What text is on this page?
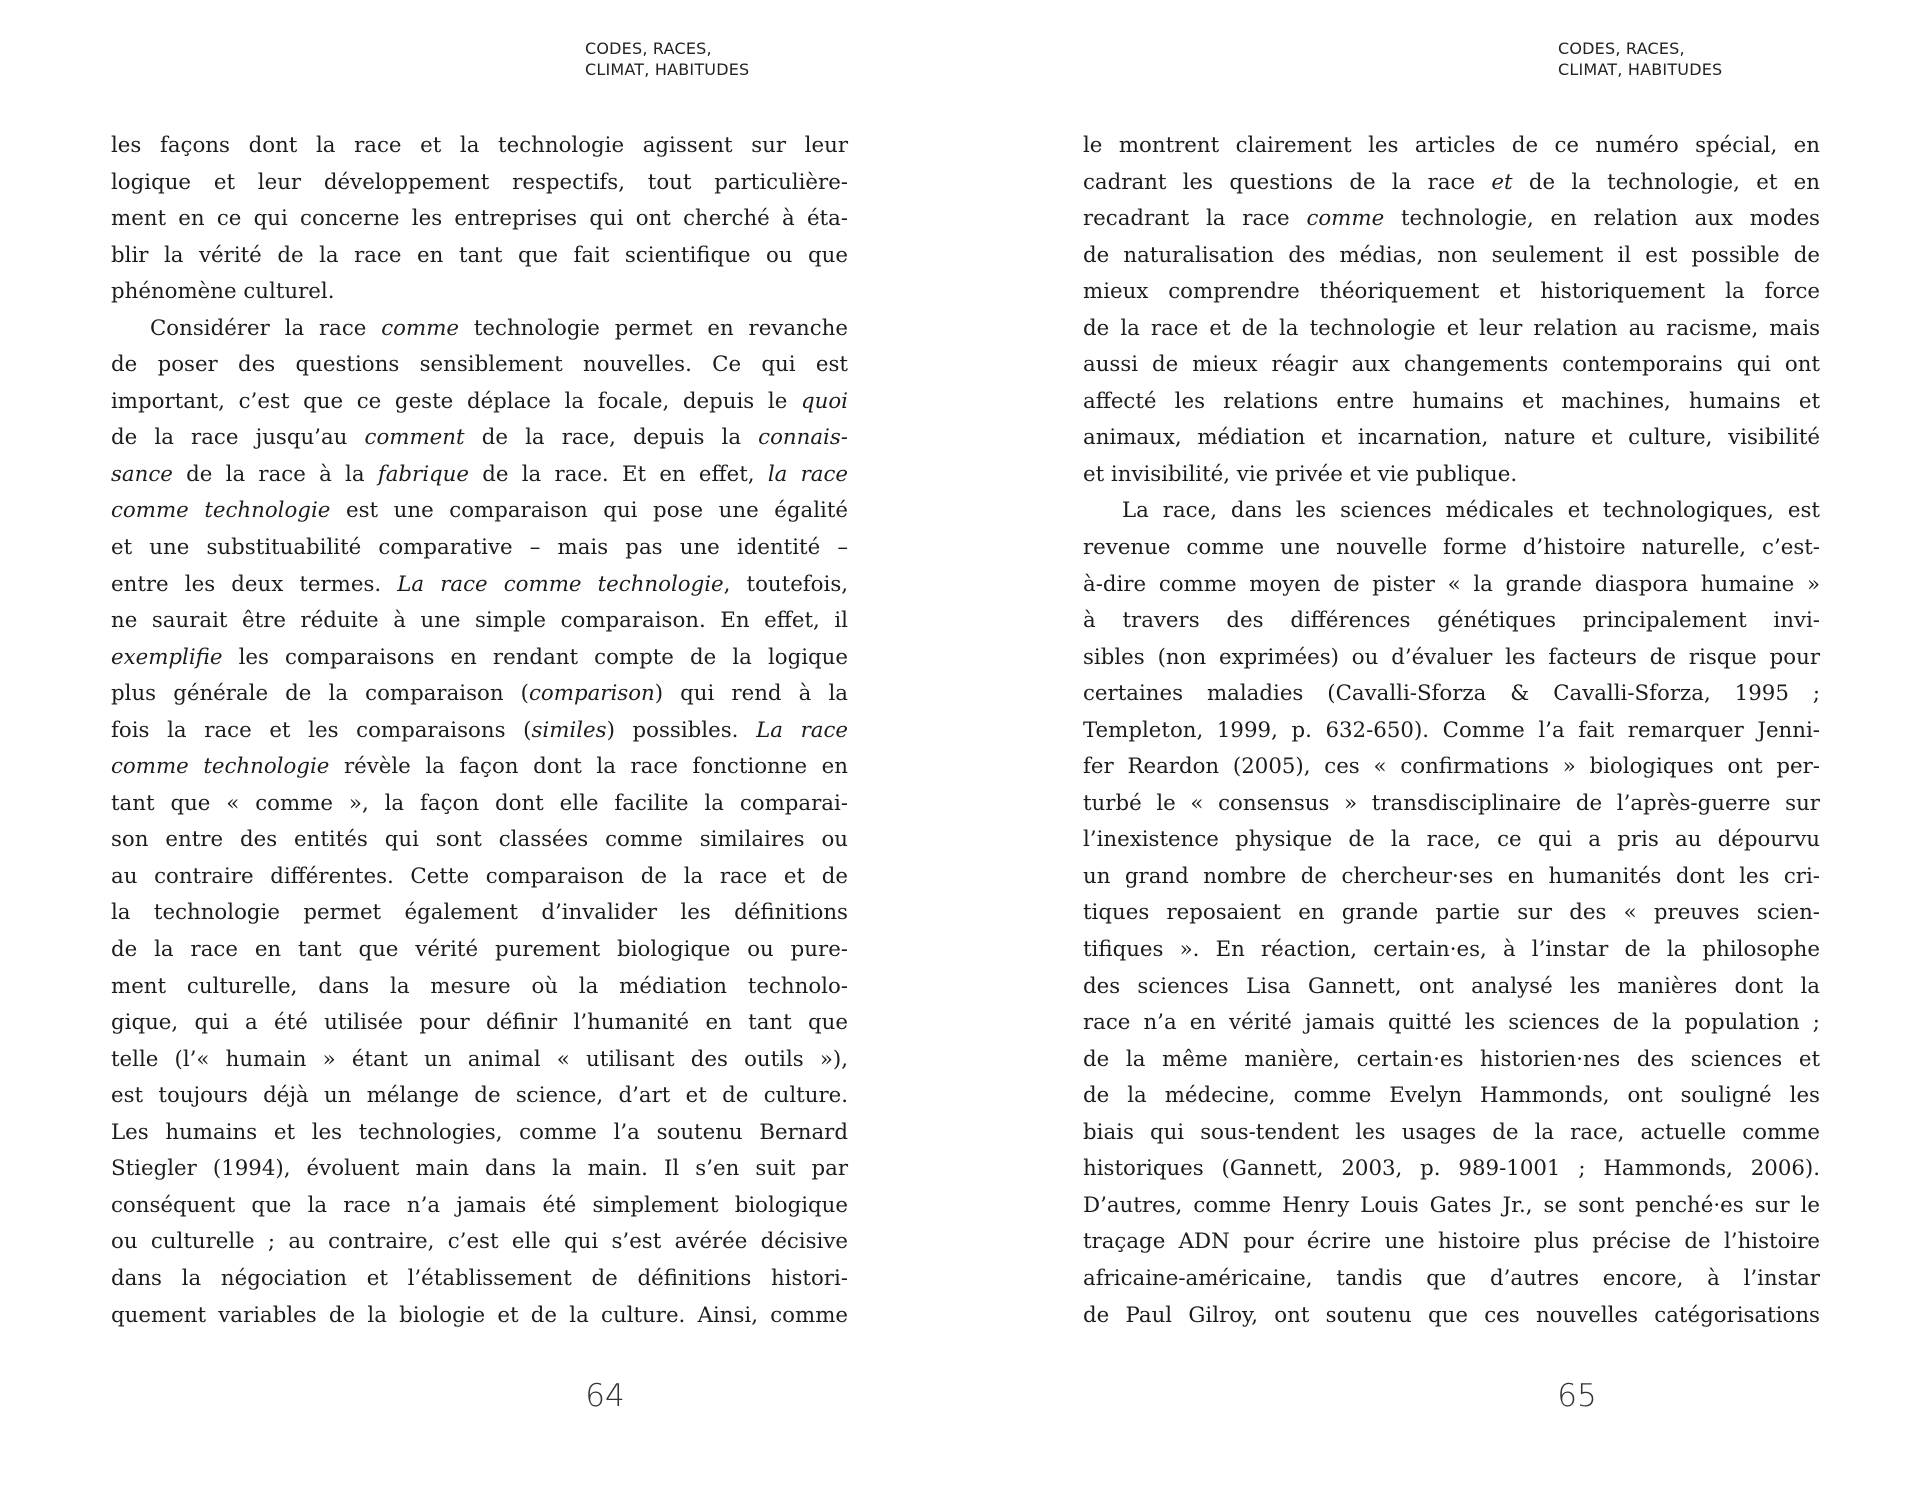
CODES, RACES,
CLIMAT, HABITUDES
les façons dont la race et la technologie agissent sur leur
logique et leur développement respectifs, tout particulière-
ment en ce qui concerne les entreprises qui ont cherché à éta-
blir la vérité de la race en tant que fait scientifique ou que
phénomène culturel.
Considérer la race comme technologie permet en revanche
de poser des questions sensiblement nouvelles. Ce qui est
important, c’est que ce geste déplace la focale, depuis le quoi
de la race jusqu’au comment de la race, depuis la connais-
sance de la race à la fabrique de la race. Et en effet, la race
comme technologie est une comparaison qui pose une égalité
et une substituabilité comparative – mais pas une identité –
entre les deux termes. La race comme technologie, toutefois,
ne saurait être réduite à une simple comparaison. En effet, il
exemplifie les comparaisons en rendant compte de la logique
plus générale de la comparaison (comparison) qui rend à la
fois la race et les comparaisons (similes) possibles. La race
comme technologie révèle la façon dont la race fonctionne en
tant que « comme », la façon dont elle facilite la comparai-
son entre des entités qui sont classées comme similaires ou
au contraire différentes. Cette comparaison de la race et de
la technologie permet également d’invalider les définitions
de la race en tant que vérité purement biologique ou pure-
ment culturelle, dans la mesure où la médiation technolo-
gique, qui a été utilisée pour définir l’humanité en tant que
telle (l’« humain » étant un animal « utilisant des outils »),
est toujours déjà un mélange de science, d’art et de culture.
Les humains et les technologies, comme l’a soutenu Bernard
Stiegler (1994), évoluent main dans la main. Il s’en suit par
conséquent que la race n’a jamais été simplement biologique
ou culturelle ; au contraire, c’est elle qui s’est avérée décisive
dans la négociation et l’établissement de définitions histori-
quement variables de la biologie et de la culture. Ainsi, comme
64
CODES, RACES,
CLIMAT, HABITUDES
le montrent clairement les articles de ce numéro spécial, en
cadrant les questions de la race et de la technologie, et en
recadrant la race comme technologie, en relation aux modes
de naturalisation des médias, non seulement il est possible de
mieux comprendre théoriquement et historiquement la force
de la race et de la technologie et leur relation au racisme, mais
aussi de mieux réagir aux changements contemporains qui ont
affecté les relations entre humains et machines, humains et
animaux, médiation et incarnation, nature et culture, visibilité
et invisibilité, vie privée et vie publique.
La race, dans les sciences médicales et technologiques, est
revenue comme une nouvelle forme d’histoire naturelle, c’est-
à-dire comme moyen de pister « la grande diaspora humaine »
à travers des différences génétiques principalement invi-
sibles (non exprimées) ou d’évaluer les facteurs de risque pour
certaines maladies (Cavalli-Sforza & Cavalli-Sforza, 1995 ;
Templeton, 1999, p. 632-650). Comme l’a fait remarquer Jenni-
fer Reardon (2005), ces « confirmations » biologiques ont per-
turbé le « consensus » transdisciplinaire de l’après-guerre sur
l’inexistence physique de la race, ce qui a pris au dépourvu
un grand nombre de chercheur·ses en humanités dont les cri-
tiques reposaient en grande partie sur des « preuves scien-
tifiques ». En réaction, certain·es, à l’instar de la philosophe
des sciences Lisa Gannett, ont analysé les manières dont la
race n’a en vérité jamais quitté les sciences de la population ;
de la même manière, certain·es historien·nes des sciences et
de la médecine, comme Evelyn Hammonds, ont souligné les
biais qui sous-tendent les usages de la race, actuelle comme
historiques (Gannett, 2003, p. 989-1001 ; Hammonds, 2006).
D’autres, comme Henry Louis Gates Jr., se sont penché·es sur le
traçage ADN pour écrire une histoire plus précise de l’histoire
africaine-américaine, tandis que d’autres encore, à l’instar
de Paul Gilroy, ont soutenu que ces nouvelles catégorisations
65
